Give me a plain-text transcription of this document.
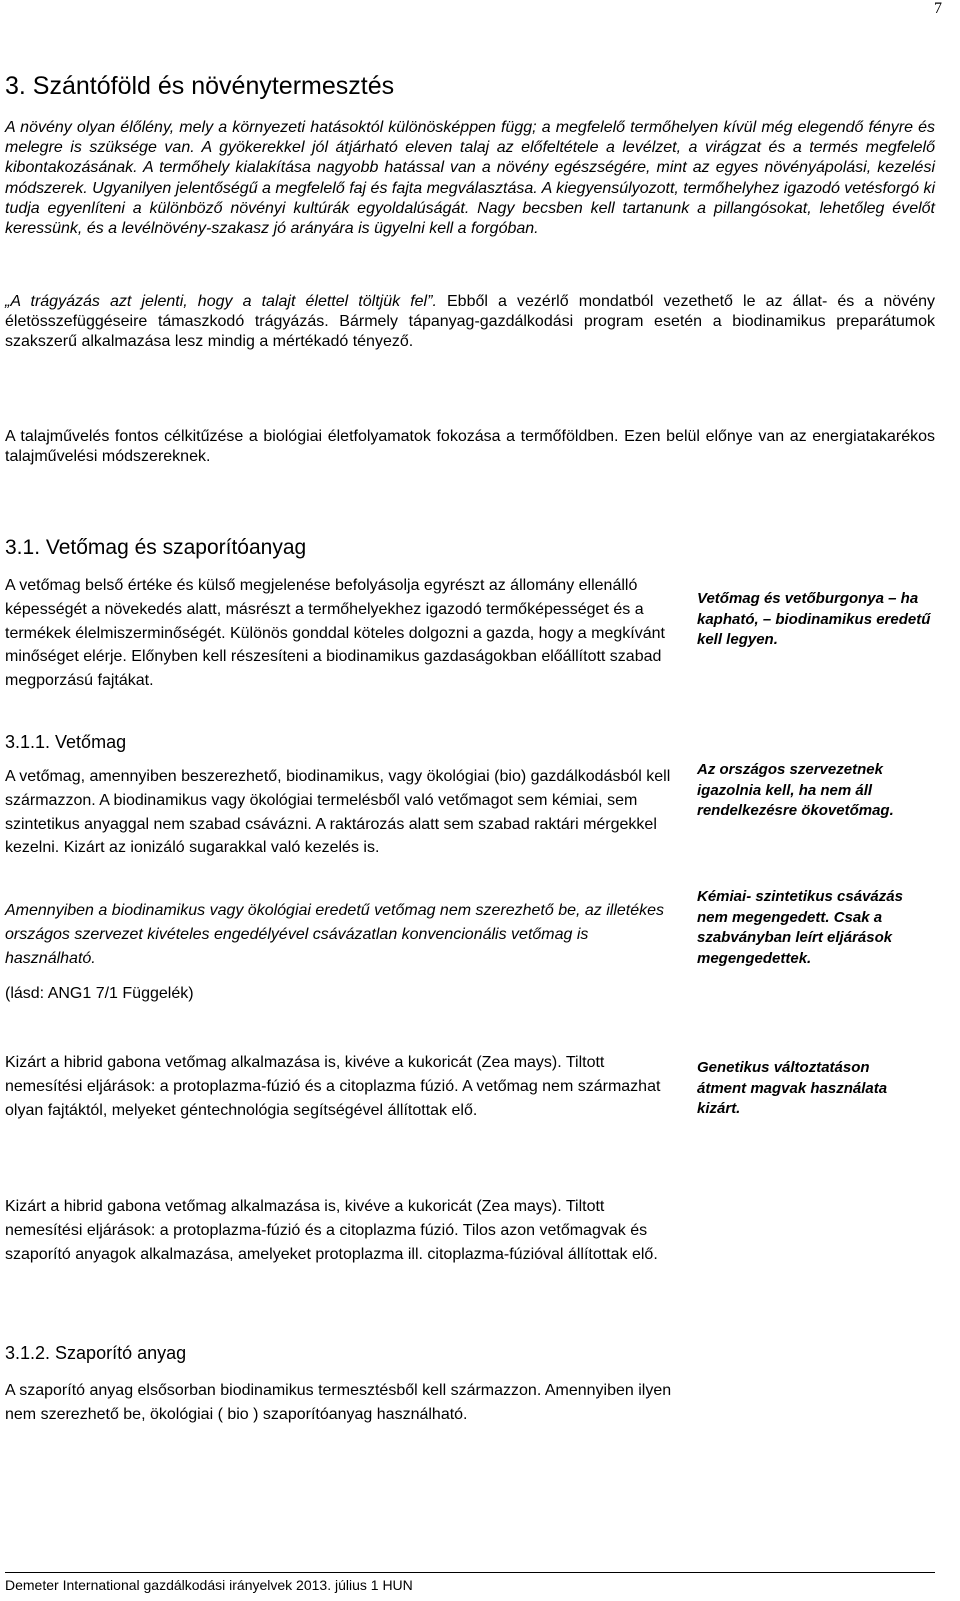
7
3. Szántóföld és növénytermesztés

A növény olyan élőlény, mely a környezeti hatásoktól különösképpen függ; a megfelelő termőhelyen kívül még elegendő fényre és melegre is szüksége van. A gyökerekkel jól átjárható eleven talaj az előfeltétele a levélzet, a virágzat és a termés megfelelő kibontakozásának. A termőhely kialakítása nagyobb hatással van a növény egészségére, mint az egyes növényápolási, kezelési módszerek. Ugyanilyen jelentőségű a megfelelő faj és fajta megválasztása. A kiegyensúlyozott, termőhelyhez igazodó vetésforgó ki tudja egyenlíteni a különböző növényi kultúrák egyoldalúságát. Nagy becsben kell tartanunk a pillangósokat, lehetőleg évelőt keressünk, és a levélnövény-szakasz jó arányára is ügyelni kell a forgóban.

„A trágyázás azt jelenti, hogy a talajt élettel töltjük fel”. Ebből a vezérlő mondatból vezethető le az állat- és a növény életösszefüggéseire támaszkodó trágyázás. Bármely tápanyag-gazdálkodási program esetén a biodinamikus preparátumok szakszerű alkalmazása lesz mindig a mértékadó tényező.

A talajművelés fontos célkitűzése a biológiai életfolyamatok fokozása a termőföldben. Ezen belül előnye van az energiatakarékos talajművelési módszereknek.

3.1. Vetőmag és szaporítóanyag

A vetőmag belső értéke és külső megjelenése befolyásolja egyrészt az állomány ellenálló képességét a növekedés alatt, másrészt a termőhelyekhez igazodó termőképességet és a termékek élelmiszerminőségét. Különös gonddal köteles dolgozni a gazda, hogy a megkívánt minőséget elérje. Előnyben kell részesíteni a biodinamikus gazdaságokban előállított szabad megporzású fajtákat.

3.1.1. Vetőmag

A vetőmag, amennyiben beszerezhető, biodinamikus, vagy ökológiai (bio) gazdálkodásból kell származzon. A biodinamikus vagy ökológiai termelésből való vetőmagot sem kémiai, sem szintetikus anyaggal nem szabad csávázni. A raktározás alatt sem szabad raktári mérgekkel kezelni. Kizárt az ionizáló sugarakkal való kezelés is.

Amennyiben a biodinamikus vagy ökológiai eredetű vetőmag nem szerezhető be, az illetékes országos szervezet kivételes engedélyével csávázatlan konvencionális vetőmag is használható.

(lásd: ANG1 7/1 Függelék)

Kizárt a hibrid gabona vetőmag alkalmazása is, kivéve a kukoricát (Zea mays). Tiltott nemesítési eljárások: a protoplazma-fúzió és a citoplazma fúzió. A vetőmag nem származhat olyan fajtáktól, melyeket géntechnológia segítségével állítottak elő.

Kizárt a hibrid gabona vetőmag alkalmazása is, kivéve a kukoricát (Zea mays). Tiltott nemesítési eljárások: a protoplazma-fúzió és a citoplazma fúzió. Tilos azon vetőmagvak és szaporító anyagok alkalmazása, amelyeket protoplazma ill. citoplazma-fúzióval állítottak elő.

3.1.2. Szaporító anyag

A szaporító anyag elsősorban biodinamikus termesztésből kell származzon. Amennyiben ilyen nem szerezhető be, ökológiai ( bio ) szaporítóanyag használható.

Vetőmag és vetőburgonya – ha kapható, – biodinamikus eredetű kell legyen.

Az országos szervezetnek igazolnia kell, ha nem áll rendelkezésre ökovetőmag.

Kémiai- szintetikus csávázás nem megengedett. Csak a szabványban leírt eljárások megengedettek.

Genetikus változtatáson átment magvak használata kizárt.

Demeter International gazdálkodási irányelvek 2013. július 1 HUN
